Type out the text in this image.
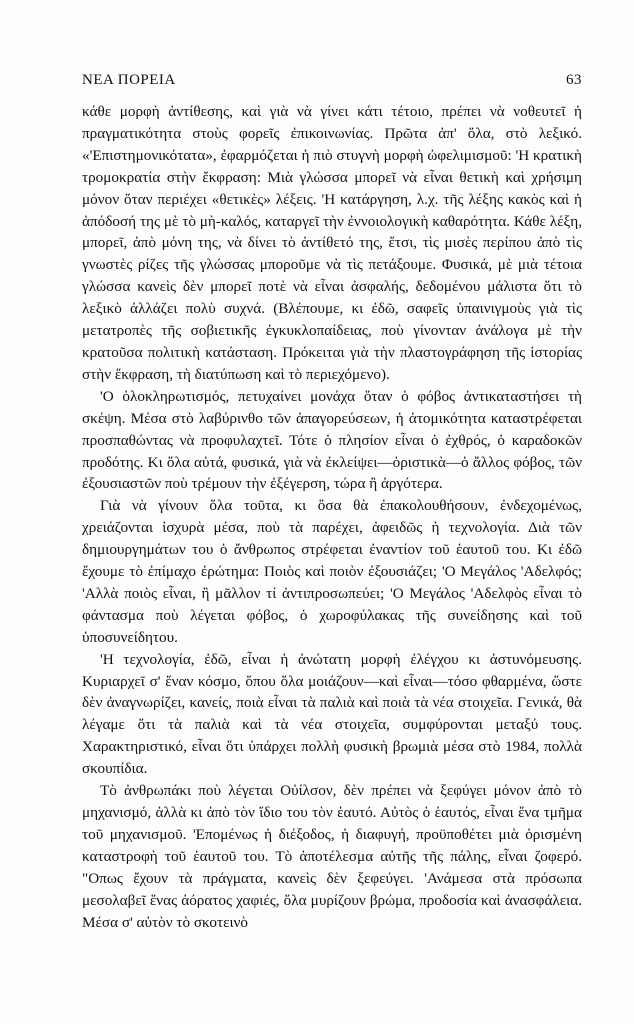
ΝΕΑ ΠΟΡΕΙΑ	63

κάθε μορφὴ ἀντίθεσης, καὶ γιὰ νὰ γίνει κάτι τέτοιο, πρέπει νὰ νοθευτεῖ ἡ πραγματικότητα στοὺς φορεῖς ἐπικοινωνίας. Πρῶτα ἀπ' ὅλα, στὸ λεξικό. «'Επιστημονικότατα», ἐφαρμόζεται ἡ πιὸ στυγνὴ μορφὴ ὠφελιμισμοῦ: 'Η κρατικὴ τρομοκρατία στὴν ἔκφραση: Μιὰ γλώσσα μπορεῖ νὰ εἶναι θετικὴ καὶ χρήσιμη μόνον ὅταν περιέχει «θετικὲς» λέξεις. 'Η κατάργηση, λ.χ. τῆς λέξης κακὸς καὶ ἡ ἀπόδοσή της μὲ τὸ μὴ-καλός, καταργεῖ τὴν ἐννοιολογικὴ καθαρότητα. Κάθε λέξη, μπορεῖ, ἀπὸ μόνη της, νὰ δίνει τὸ ἀντίθετό της, ἔτσι, τὶς μισὲς περίπου ἀπὸ τὶς γνωστὲς ρίζες τῆς γλώσσας μποροῦμε νὰ τὶς πετάξουμε. Φυσικά, μὲ μιὰ τέτοια γλώσσα κανεὶς δὲν μπορεῖ ποτὲ νὰ εἶναι ἀσφαλής, δεδομένου μάλιστα ὅτι τὸ λεξικὸ ἀλλάζει πολὺ συχνά. (Βλέπουμε, κι ἐδῶ, σαφεῖς ὑπαινιγμοὺς γιὰ τὶς μετατροπὲς τῆς σοβιετικῆς ἐγκυκλοπαίδειας, ποὺ γίνονταν ἀνάλογα μὲ τὴν κρατοῦσα πολιτικὴ κατάσταση. Πρόκειται γιὰ τὴν πλαστογράφηση τῆς ἱστορίας στὴν ἔκφραση, τὴ διατύπωση καὶ τὸ περιεχόμενο).

'Ο ὁλοκληρωτισμός, πετυχαίνει μονάχα ὅταν ὁ φόβος ἀντικαταστήσει τὴ σκέψη. Μέσα στὸ λαβύρινθο τῶν ἀπαγορεύσεων, ἡ ἀτομικότητα καταστρέφεται προσπαθώντας νὰ προφυλαχτεῖ. Τότε ὁ πλησίον εἶναι ὁ ἐχθρός, ὁ καραδοκῶν προδότης. Κι ὅλα αὐτά, φυσικά, γιὰ νὰ ἐκλείψει—ὁριστικὰ—ὁ ἄλλος φόβος, τῶν ἐξουσιαστῶν ποὺ τρέμουν τὴν ἐξέγερση, τώρα ἢ ἀργότερα.

Γιὰ νὰ γίνουν ὅλα τοῦτα, κι ὅσα θὰ ἐπακολουθήσουν, ἐνδεχομένως, χρειάζονται ἰσχυρὰ μέσα, ποὺ τὰ παρέχει, ἀφειδῶς ἡ τεχνολογία. Διὰ τῶν δημιουργημάτων του ὁ ἄνθρωπος στρέφεται ἐναντίον τοῦ ἑαυτοῦ του. Κι ἐδῶ ἔχουμε τὸ ἐπίμαχο ἐρώτημα: Ποιὸς καὶ ποιὸν ἐξουσιάζει; 'Ο Μεγάλος 'Αδελφός; 'Αλλὰ ποιὸς εἶναι, ἢ μᾶλλον τί ἀντιπροσωπεύει; 'Ο Μεγάλος 'Αδελφὸς εἶναι τὸ φάντασμα ποὺ λέγεται φόβος, ὁ χωροφύλακας τῆς συνείδησης καὶ τοῦ ὑποσυνείδητου.

'Η τεχνολογία, ἐδῶ, εἶναι ἡ ἀνώτατη μορφὴ ἐλέγχου κι ἀστυνόμευσης. Κυριαρχεῖ σ' ἕναν κόσμο, ὅπου ὅλα μοιάζουν—καὶ εἶναι—τόσο φθαρμένα, ὥστε δὲν ἀναγνωρίζει, κανείς, ποιὰ εἶναι τὰ παλιὰ καὶ ποιὰ τὰ νέα στοιχεῖα. Γενικά, θὰ λέγαμε ὅτι τὰ παλιὰ καὶ τὰ νέα στοιχεῖα, συμφύρονται μεταξύ τους. Χαρακτηριστικό, εἶναι ὅτι ὑπάρχει πολλὴ φυσικὴ βρωμιὰ μέσα στὸ 1984, πολλὰ σκουπίδια.

Τὸ ἀνθρωπάκι ποὺ λέγεται Οὐίλσον, δὲν πρέπει νὰ ξεφύγει μόνον ἀπὸ τὸ μηχανισμό, ἀλλὰ κι ἀπὸ τὸν ἴδιο του τὸν ἑαυτό. Αὐτὸς ὁ ἑαυτός, εἶναι ἕνα τμῆμα τοῦ μηχανισμοῦ. 'Επομένως ἡ διέξοδος, ἡ διαφυγή, προϋποθέτει μιὰ ὁρισμένη καταστροφὴ τοῦ ἑαυτοῦ του. Τὸ ἀποτέλεσμα αὐτῆς τῆς πάλης, εἶναι ζοφερό. "Οπως ἔχουν τὰ πράγματα, κανεὶς δὲν ξεφεύγει. 'Ανάμεσα στὰ πρόσωπα μεσολαβεῖ ἕνας ἀόρατος χαφιές, ὅλα μυρίζουν βρώμα, προδοσία καὶ ἀνασφάλεια. Μέσα σ' αὐτὸν τὸ σκοτεινὸ
